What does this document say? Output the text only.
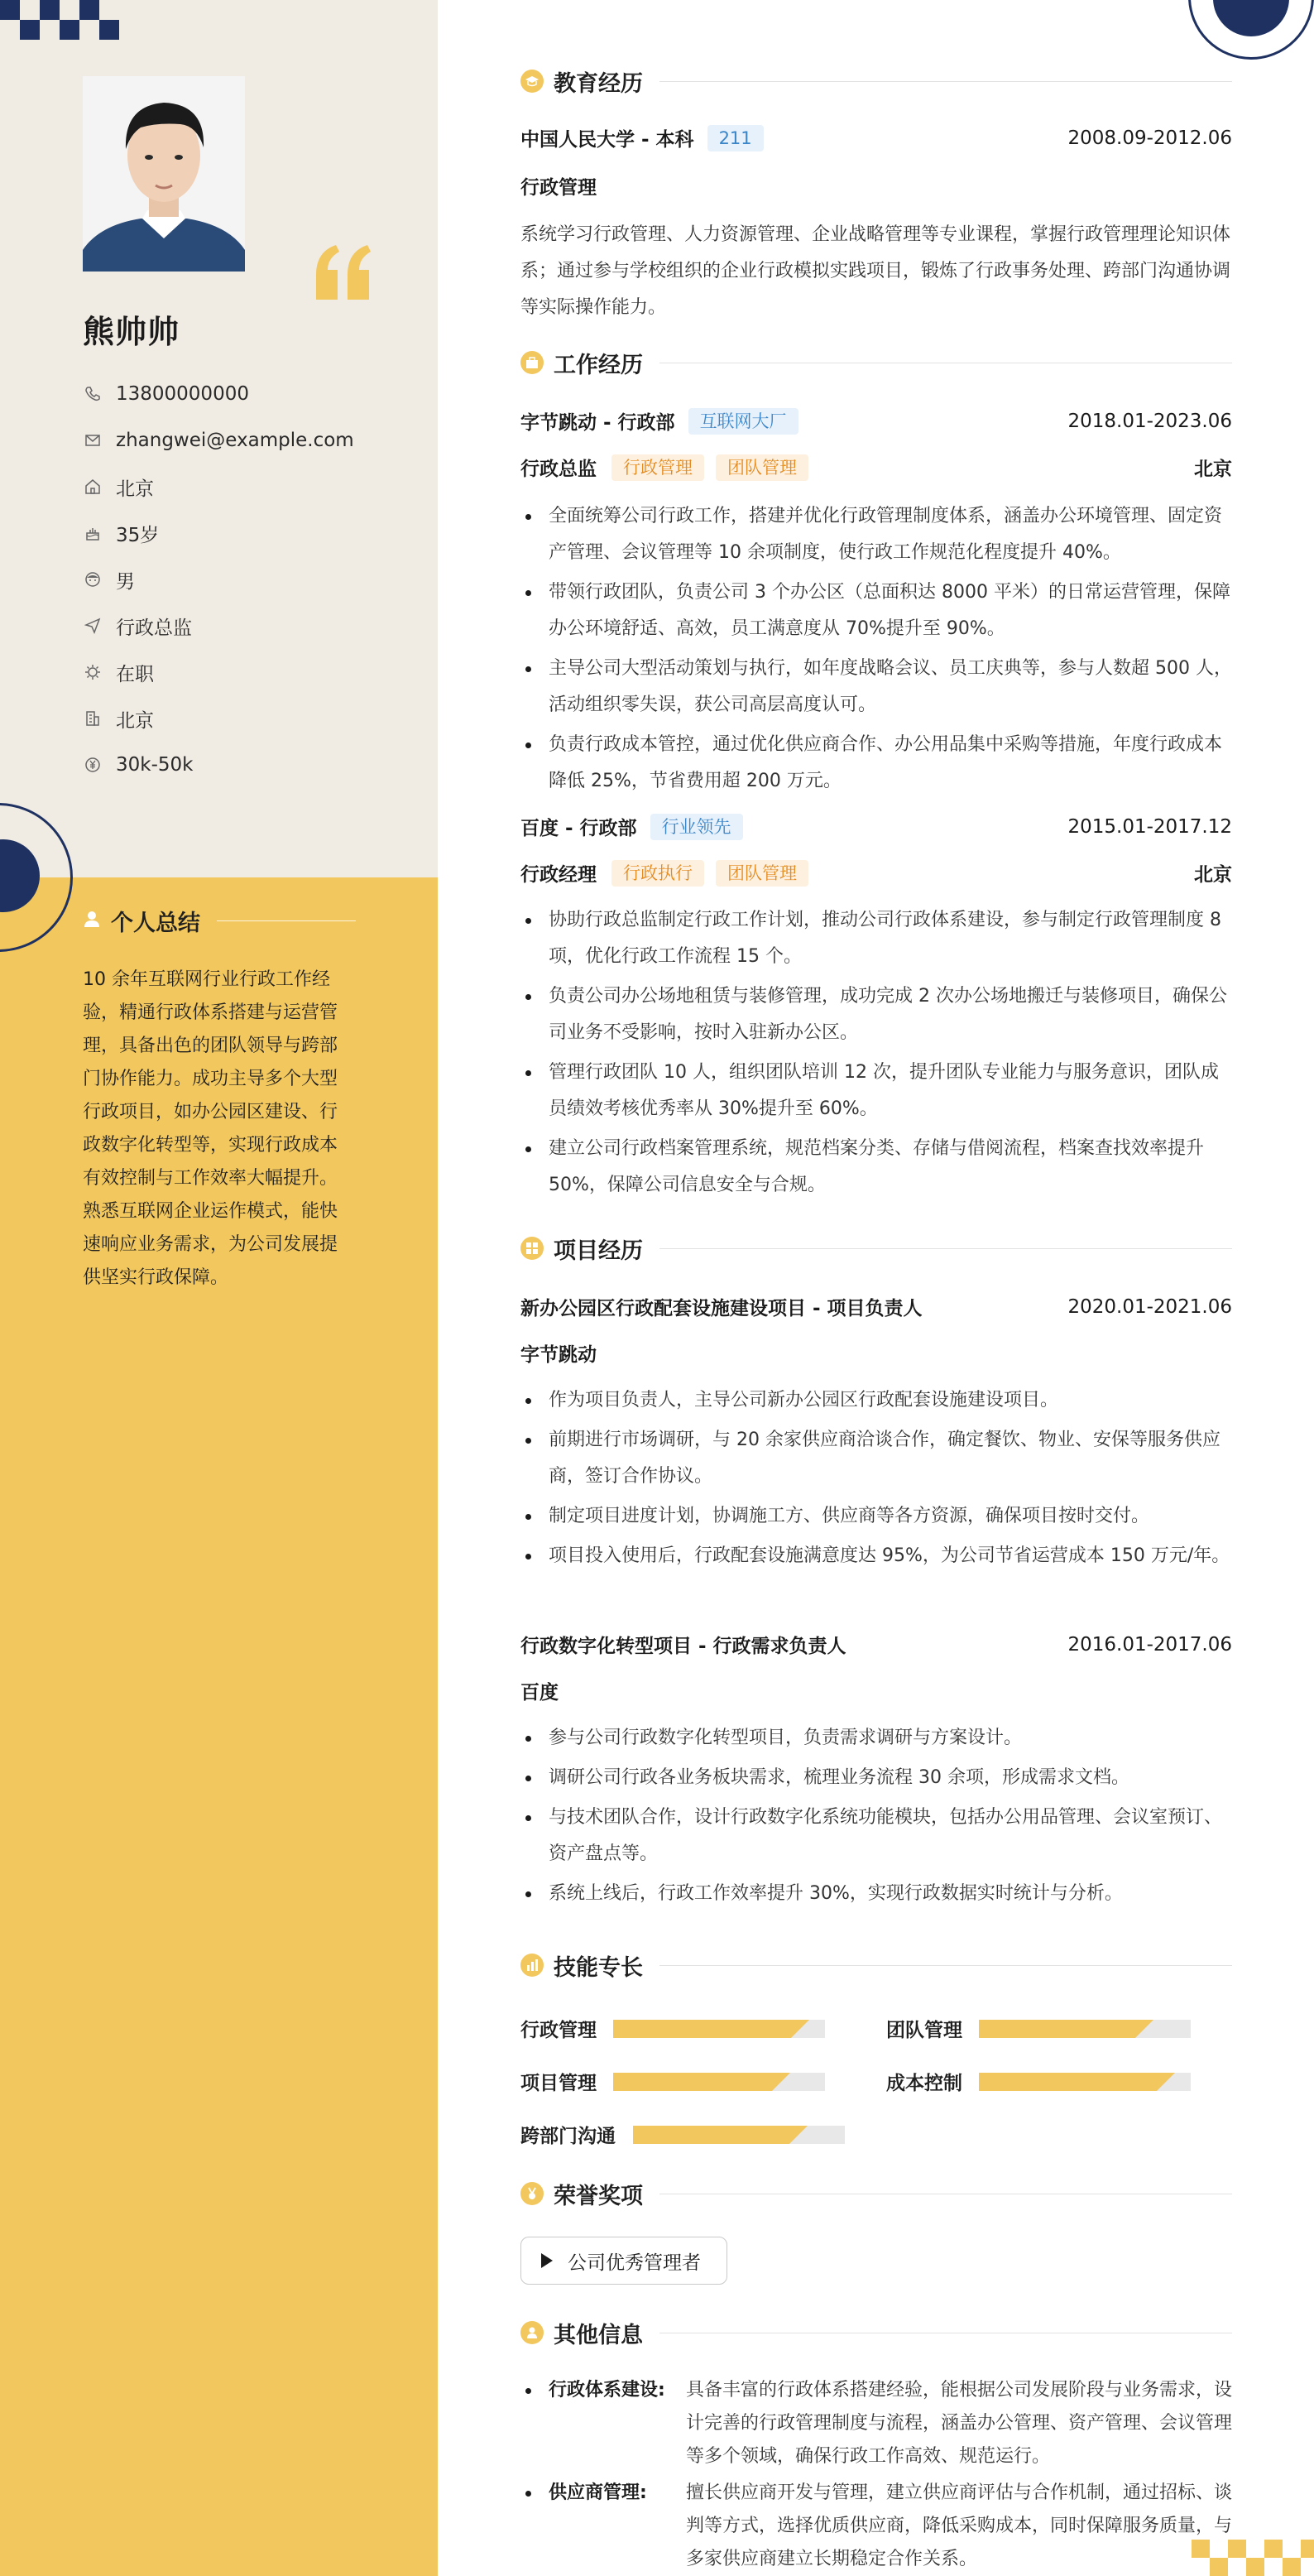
熊帅帅
13800000000
zhangwei@example.com
北京
35岁
男
行政总监
在职
北京
30k-50k
个人总结
10 余年互联网行业行政工作经验，精通行政体系搭建与运营管理，具备出色的团队领导与跨部门协作能力。成功主导多个大型行政项目，如办公园区建设、行政数字化转型等，实现行政成本有效控制与工作效率大幅提升。熟悉互联网企业运作模式，能快速响应业务需求，为公司发展提供坚实行政保障。
教育经历
中国人民大学 - 本科	211	2008.09-2012.06
行政管理
系统学习行政管理、人力资源管理、企业战略管理等专业课程，掌握行政管理理论知识体系；通过参与学校组织的企业行政模拟实践项目，锻炼了行政事务处理、跨部门沟通协调等实际操作能力。
工作经历
字节跳动 - 行政部	互联网大厂	2018.01-2023.06
行政总监	行政管理	团队管理	北京
全面统筹公司行政工作，搭建并优化行政管理制度体系，涵盖办公环境管理、固定资产管理、会议管理等 10 余项制度，使行政工作规范化程度提升 40%。
带领行政团队，负责公司 3 个办公区（总面积达 8000 平米）的日常运营管理，保障办公环境舒适、高效，员工满意度从 70%提升至 90%。
主导公司大型活动策划与执行，如年度战略会议、员工庆典等，参与人数超 500 人，活动组织零失误，获公司高层高度认可。
负责行政成本管控，通过优化供应商合作、办公用品集中采购等措施，年度行政成本降低 25%，节省费用超 200 万元。
百度 - 行政部	行业领先	2015.01-2017.12
行政经理	行政执行	团队管理	北京
协助行政总监制定行政工作计划，推动公司行政体系建设，参与制定行政管理制度 8 项，优化行政工作流程 15 个。
负责公司办公场地租赁与装修管理，成功完成 2 次办公场地搬迁与装修项目，确保公司业务不受影响，按时入驻新办公区。
管理行政团队 10 人，组织团队培训 12 次，提升团队专业能力与服务意识，团队成员绩效考核优秀率从 30%提升至 60%。
建立公司行政档案管理系统，规范档案分类、存储与借阅流程，档案查找效率提升 50%，保障公司信息安全与合规。
项目经历
新办公园区行政配套设施建设项目 - 项目负责人	2020.01-2021.06
字节跳动
作为项目负责人，主导公司新办公园区行政配套设施建设项目。
前期进行市场调研，与 20 余家供应商洽谈合作，确定餐饮、物业、安保等服务供应商，签订合作协议。
制定项目进度计划，协调施工方、供应商等各方资源，确保项目按时交付。
项目投入使用后，行政配套设施满意度达 95%，为公司节省运营成本 150 万元/年。
行政数字化转型项目 - 行政需求负责人	2016.01-2017.06
百度
参与公司行政数字化转型项目，负责需求调研与方案设计。
调研公司行政各业务板块需求，梳理业务流程 30 余项，形成需求文档。
与技术团队合作，设计行政数字化系统功能模块，包括办公用品管理、会议室预订、资产盘点等。
系统上线后，行政工作效率提升 30%，实现行政数据实时统计与分析。
技能专长
行政管理	团队管理
项目管理	成本控制
跨部门沟通
荣誉奖项
公司优秀管理者
其他信息
行政体系建设:	具备丰富的行政体系搭建经验，能根据公司发展阶段与业务需求，设计完善的行政管理制度与流程，涵盖办公管理、资产管理、会议管理等多个领域，确保行政工作高效、规范运行。
供应商管理:	擅长供应商开发与管理，建立供应商评估与合作机制，通过招标、谈判等方式，选择优质供应商，降低采购成本，同时保障服务质量，与多家供应商建立长期稳定合作关系。
